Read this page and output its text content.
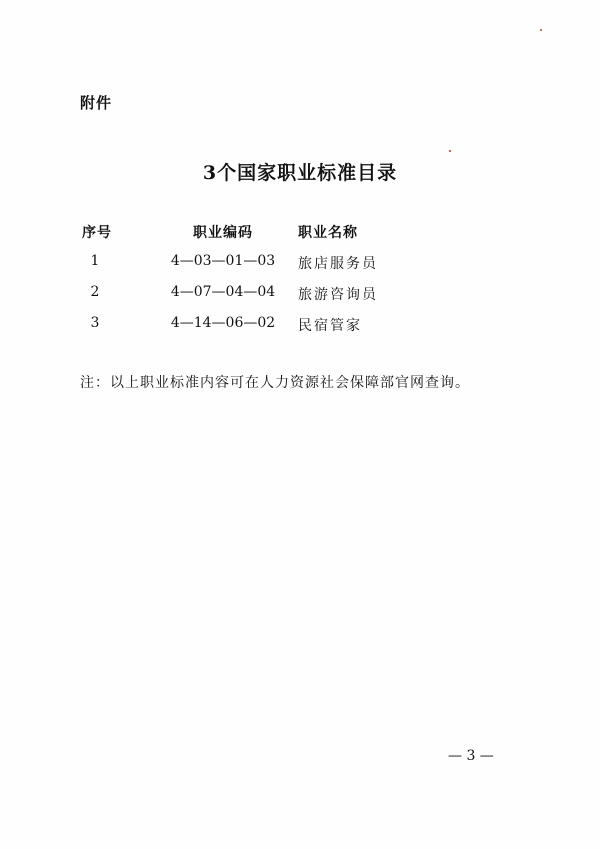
附件
3个国家职业标准目录
序号	职业编码	职业名称
1	4—03—01—03	旅店服务员
2	4—07—04—04	旅游咨询员
3	4—14—06—02	民宿管家
注：以上职业标准内容可在人力资源社会保障部官网查询。
— 3 —
